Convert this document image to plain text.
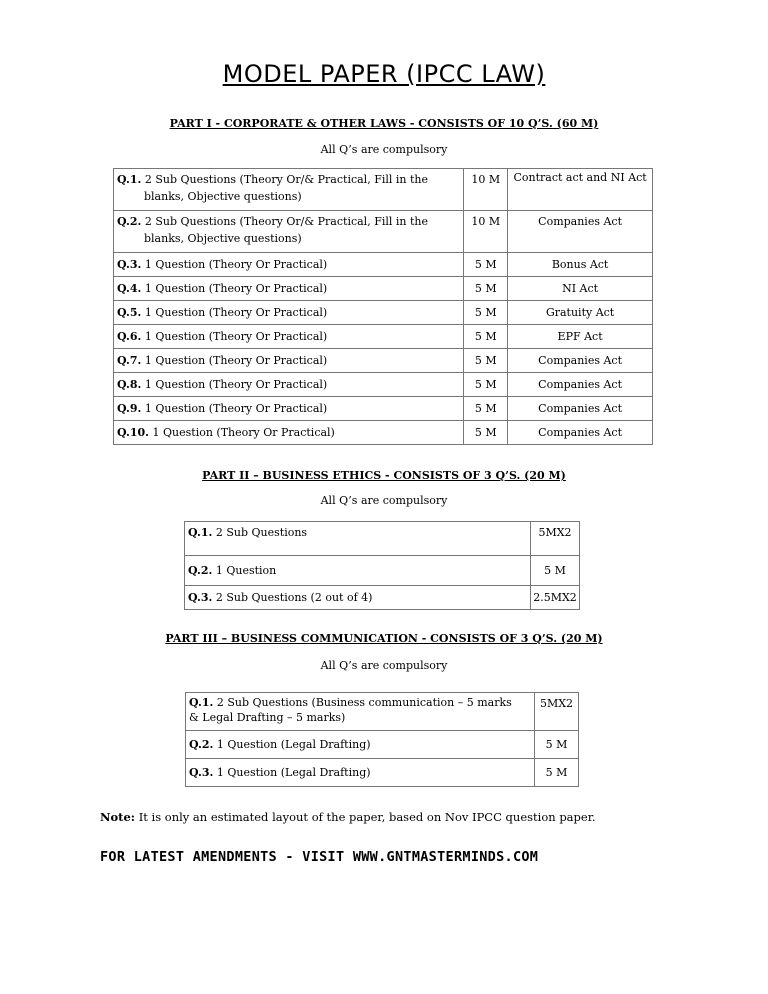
MODEL PAPER (IPCC LAW)
PART I - CORPORATE & OTHER LAWS - CONSISTS OF 10 Q’S. (60 M)
All Q’s are compulsory
Q.1. 2 Sub Questions (Theory Or/& Practical, Fill in the
blanks, Objective questions)	10 M	Contract act and NI Act
Q.2. 2 Sub Questions (Theory Or/& Practical, Fill in the
blanks, Objective questions)	10 M	Companies Act
Q.3. 1 Question (Theory Or Practical)	5 M	Bonus Act
Q.4. 1 Question (Theory Or Practical)	5 M	NI Act
Q.5. 1 Question (Theory Or Practical)	5 M	Gratuity Act
Q.6. 1 Question (Theory Or Practical)	5 M	EPF Act
Q.7. 1 Question (Theory Or Practical)	5 M	Companies Act
Q.8. 1 Question (Theory Or Practical)	5 M	Companies Act
Q.9. 1 Question (Theory Or Practical)	5 M	Companies Act
Q.10. 1 Question (Theory Or Practical)	5 M	Companies Act
PART II – BUSINESS ETHICS - CONSISTS OF 3 Q’S. (20 M)
All Q’s are compulsory
Q.1. 2 Sub Questions	5MX2
Q.2. 1 Question	5 M
Q.3. 2 Sub Questions (2 out of 4)	2.5MX2
PART III – BUSINESS COMMUNICATION - CONSISTS OF 3 Q’S. (20 M)
All Q’s are compulsory
Q.1. 2 Sub Questions (Business communication – 5 marks
& Legal Drafting – 5 marks)	5MX2
Q.2. 1 Question (Legal Drafting)	5 M
Q.3. 1 Question (Legal Drafting)	5 M
Note: It is only an estimated layout of the paper, based on Nov IPCC question paper.
FOR LATEST AMENDMENTS - VISIT WWW.GNTMASTERMINDS.COM
